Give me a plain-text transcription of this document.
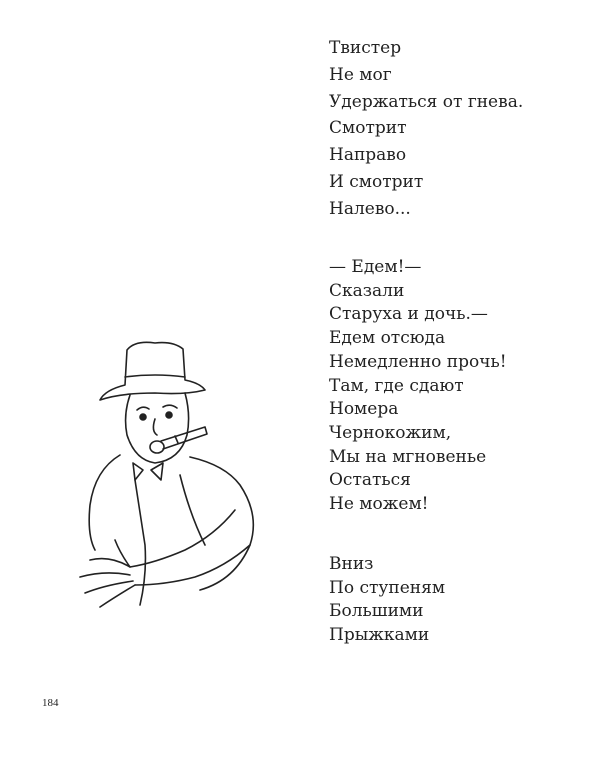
Твистер
Не мог
Удержаться от гнева.
Смотрит
Направо
И смотрит
Налево...
— Едем!—
Сказали
Старуха и дочь.—
Едем отсюда
Немедленно прочь!
Там, где сдают
Номера
Чернокожим,
Мы на мгновенье
Остаться
Не можем!
Вниз
По ступеням
Большими
Прыжками
184
